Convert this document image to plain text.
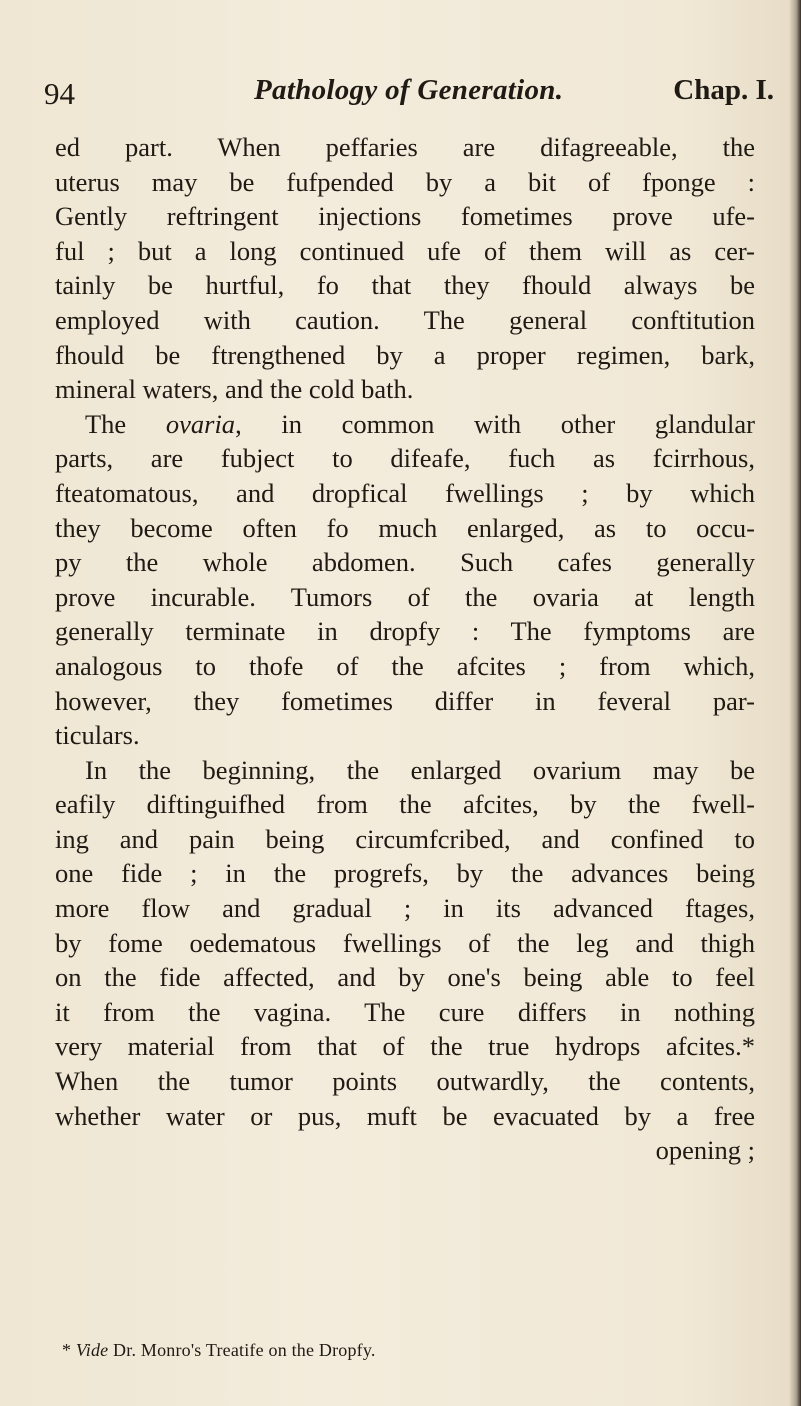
94	Pathology of Generation.	Chap. I.
ed part. When peffaries are difagreeable, the
uterus may be fufpended by a bit of fponge :
Gently reftringent injections fometimes prove ufe-
ful ; but a long continued ufe of them will as cer-
tainly be hurtful, fo that they fhould always be
employed with caution. The general conftitution
fhould be ftrengthened by a proper regimen, bark,
mineral waters, and the cold bath.
The ovaria, in common with other glandular
parts, are fubject to difeafe, fuch as fcirrhous,
fteatomatous, and dropfical fwellings ; by which
they become often fo much enlarged, as to occu-
py the whole abdomen. Such cafes generally
prove incurable. Tumors of the ovaria at length
generally terminate in dropfy : The fymptoms are
analogous to thofe of the afcites ; from which,
however, they fometimes differ in feveral par-
ticulars.
In the beginning, the enlarged ovarium may be
eafily diftinguifhed from the afcites, by the fwell-
ing and pain being circumfcribed, and confined to
one fide ; in the progrefs, by the advances being
more flow and gradual ; in its advanced ftages,
by fome oedematous fwellings of the leg and thigh
on the fide affected, and by one's being able to feel
it from the vagina. The cure differs in nothing
very material from that of the true hydrops afcites.*
When the tumor points outwardly, the contents,
whether water or pus, muft be evacuated by a free
opening ;
* Vide Dr. Monro's Treatife on the Dropfy.
